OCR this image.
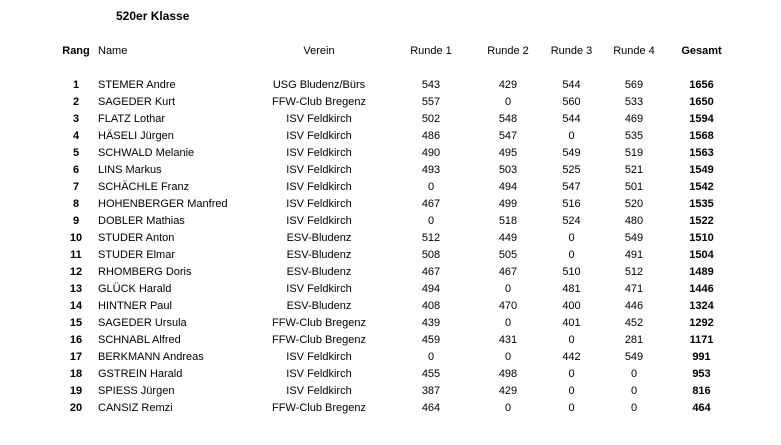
520er Klasse
Rang	Name	Verein	Runde 1	Runde 2	Runde 3	Runde 4	Gesamt

1	STEMER Andre	USG Bludenz/Bürs	543	429	544	569	1656
2	SAGEDER Kurt	FFW-Club Bregenz	557	0	560	533	1650
3	FLATZ Lothar	ISV Feldkirch	502	548	544	469	1594
4	HÄSELI Jürgen	ISV Feldkirch	486	547	0	535	1568
5	SCHWALD Melanie	ISV Feldkirch	490	495	549	519	1563
6	LINS Markus	ISV Feldkirch	493	503	525	521	1549
7	SCHÄCHLE Franz	ISV Feldkirch	0	494	547	501	1542
8	HOHENBERGER Manfred	ISV Feldkirch	467	499	516	520	1535
9	DOBLER Mathias	ISV Feldkirch	0	518	524	480	1522
10	STUDER Anton	ESV-Bludenz	512	449	0	549	1510
11	STUDER Elmar	ESV-Bludenz	508	505	0	491	1504
12	RHOMBERG Doris	ESV-Bludenz	467	467	510	512	1489
13	GLÜCK Harald	ISV Feldkirch	494	0	481	471	1446
14	HINTNER Paul	ESV-Bludenz	408	470	400	446	1324
15	SAGEDER Ursula	FFW-Club Bregenz	439	0	401	452	1292
16	SCHNABL Alfred	FFW-Club Bregenz	459	431	0	281	1171
17	BERKMANN Andreas	ISV Feldkirch	0	0	442	549	991
18	GSTREIN Harald	ISV Feldkirch	455	498	0	0	953
19	SPIESS Jürgen	ISV Feldkirch	387	429	0	0	816
20	CANSIZ Remzi	FFW-Club Bregenz	464	0	0	0	464
